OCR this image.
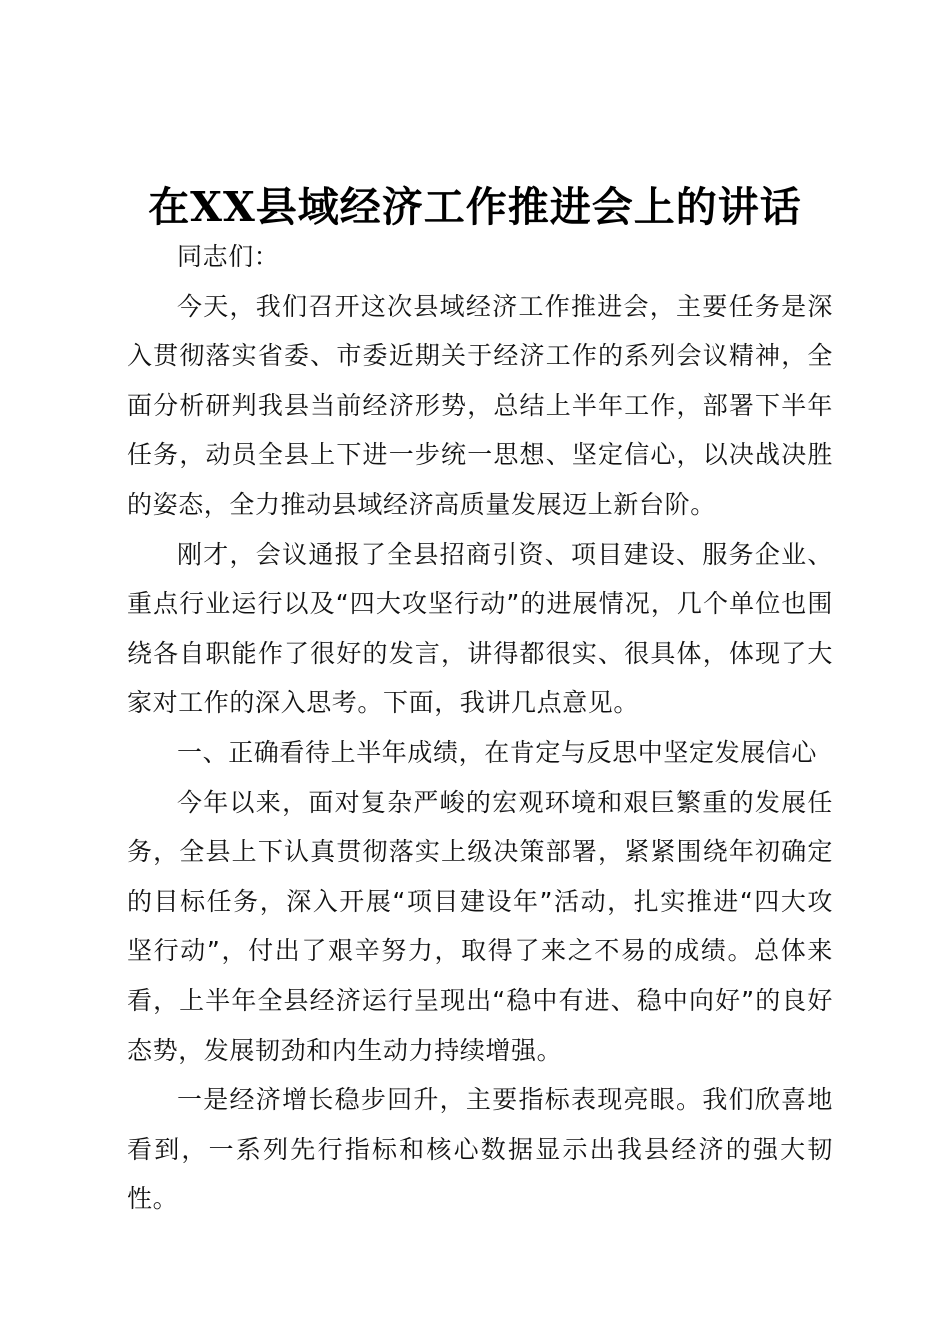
在XX县域经济工作推进会上的讲话

同志们：

今天，我们召开这次县域经济工作推进会，主要任务是深入贯彻落实省委、市委近期关于经济工作的系列会议精神，全面分析研判我县当前经济形势，总结上半年工作，部署下半年任务，动员全县上下进一步统一思想、坚定信心，以决战决胜的姿态，全力推动县域经济高质量发展迈上新台阶。

刚才，会议通报了全县招商引资、项目建设、服务企业、重点行业运行以及“四大攻坚行动”的进展情况，几个单位也围绕各自职能作了很好的发言，讲得都很实、很具体，体现了大家对工作的深入思考。下面，我讲几点意见。

一、正确看待上半年成绩，在肯定与反思中坚定发展信心

今年以来，面对复杂严峻的宏观环境和艰巨繁重的发展任务，全县上下认真贯彻落实上级决策部署，紧紧围绕年初确定的目标任务，深入开展“项目建设年”活动，扎实推进“四大攻坚行动”，付出了艰辛努力，取得了来之不易的成绩。总体来看，上半年全县经济运行呈现出“稳中有进、稳中向好”的良好态势，发展韧劲和内生动力持续增强。

一是经济增长稳步回升，主要指标表现亮眼。我们欣喜地看到，一系列先行指标和核心数据显示出我县经济的强大韧性。
